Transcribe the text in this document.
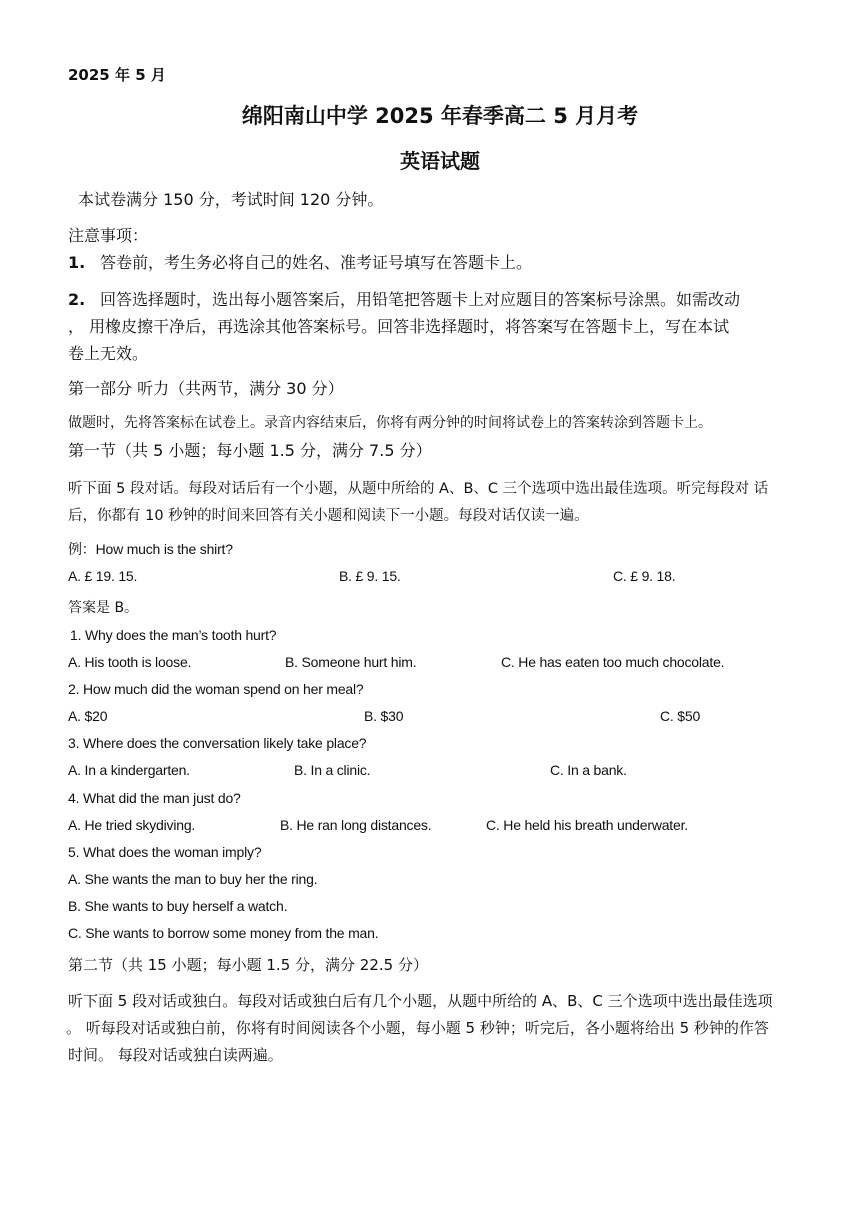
2025 年 5 月
绵阳南山中学 2025 年春季高二 5 月月考
英语试题
本试卷满分 150 分，考试时间 120 分钟。
注意事项：
1. 答卷前，考生务必将自己的姓名、准考证号填写在答题卡上。
2. 回答选择题时，选出每小题答案后，用铅笔把答题卡上对应题目的答案标号涂黑。如需改动
， 用橡皮擦干净后，再选涂其他答案标号。回答非选择题时，将答案写在答题卡上，写在本试
卷上无效。
第一部分 听力（共两节，满分 30 分）
做题时，先将答案标在试卷上。录音内容结束后，你将有两分钟的时间将试卷上的答案转涂到答题卡上。
第一节（共 5 小题；每小题 1.5 分，满分 7.5 分）
听下面 5 段对话。每段对话后有一个小题，从题中所给的 A、B、C 三个选项中选出最佳选项。听完每段对 话
后，你都有 10 秒钟的时间来回答有关小题和阅读下一小题。每段对话仅读一遍。
例：How much is the shirt?
A. £ 19. 15.	B. £ 9. 15.	C. £ 9. 18.
答案是 B。
1. Why does the man’s tooth hurt?
A. His tooth is loose.	B. Someone hurt him.	C. He has eaten too much chocolate.
2. How much did the woman spend on her meal?
A. $20	B. $30	C. $50
3. Where does the conversation likely take place?
A. In a kindergarten.	B. In a clinic.	C. In a bank.
4. What did the man just do?
A. He tried skydiving.	B. He ran long distances.	C. He held his breath underwater.
5. What does the woman imply?
A. She wants the man to buy her the ring.
B. She wants to buy herself a watch.
C. She wants to borrow some money from the man.
第二节（共 15 小题；每小题 1.5 分，满分 22.5 分）
听下面 5 段对话或独白。每段对话或独白后有几个小题，从题中所给的 A、B、C 三个选项中选出最佳选项
。 听每段对话或独白前，你将有时间阅读各个小题，每小题 5 秒钟；听完后，各小题将给出 5 秒钟的作答
时间。 每段对话或独白读两遍。
